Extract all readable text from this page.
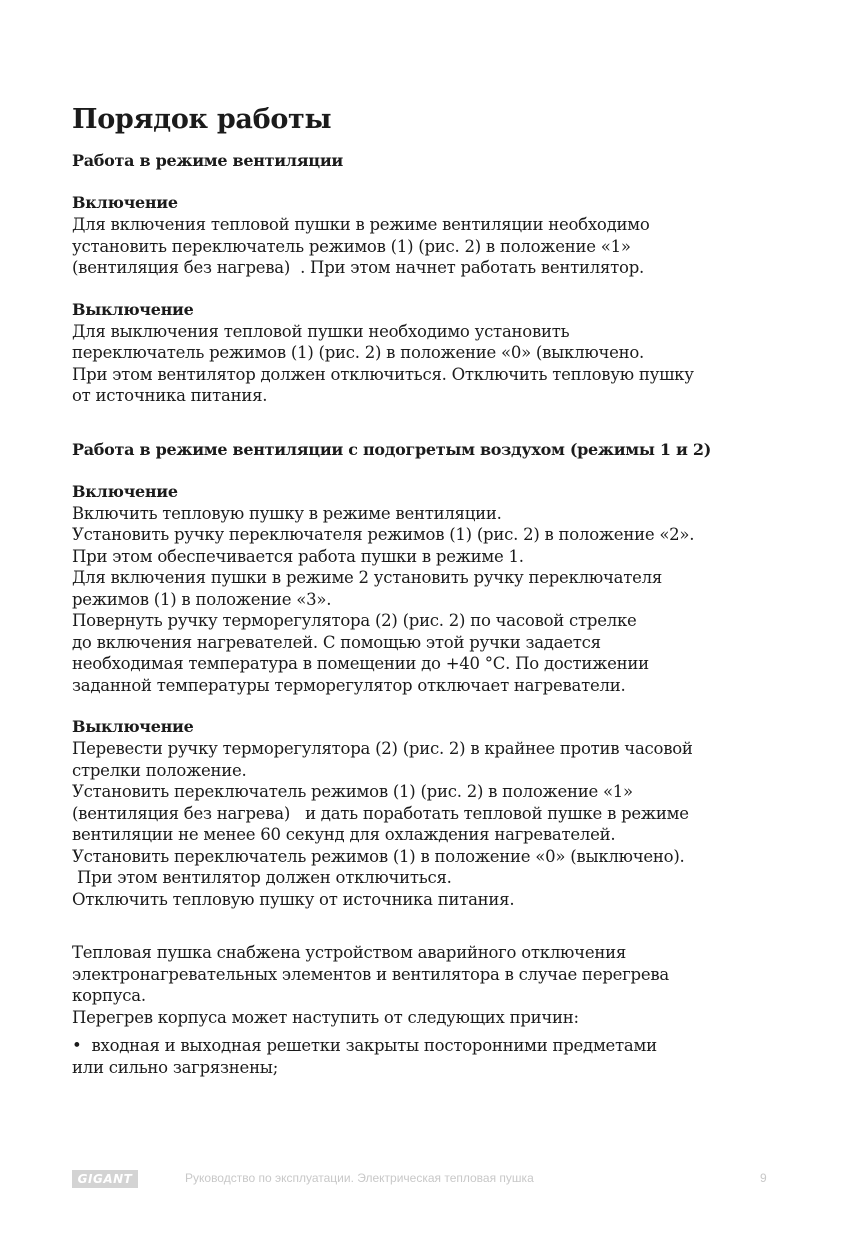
Порядок работы
Работа в режиме вентиляции
Включение
Для включения тепловой пушки в режиме вентиляции необходимо
установить переключатель режимов (1) (рис. 2) в положение «1»
(вентиляция без нагрева)  . При этом начнет работать вентилятор.
Выключение
Для выключения тепловой пушки необходимо установить
переключатель режимов (1) (рис. 2) в положение «0» (выключено.
При этом вентилятор должен отключиться. Отключить тепловую пушку
от источника питания.
Работа в режиме вентиляции с подогретым воздухом (режимы 1 и 2)
Включение
Включить тепловую пушку в режиме вентиляции.
Установить ручку переключателя режимов (1) (рис. 2) в положение «2».
При этом обеспечивается работа пушки в режиме 1.
Для включения пушки в режиме 2 установить ручку переключателя
режимов (1) в положение «3».
Повернуть ручку терморегулятора (2) (рис. 2) по часовой стрелке
до включения нагревателей. С помощью этой ручки задается
необходимая температура в помещении до +40 °С. По достижении
заданной температуры терморегулятор отключает нагреватели.
Выключение
Перевести ручку терморегулятора (2) (рис. 2) в крайнее против часовой
стрелки положение.
Установить переключатель режимов (1) (рис. 2) в положение «1»
(вентиляция без нагрева)   и дать поработать тепловой пушке в режиме
вентиляции не менее 60 секунд для охлаждения нагревателей.
Установить переключатель режимов (1) в положение «0» (выключено).
При этом вентилятор должен отключиться.
Отключить тепловую пушку от источника питания.
Тепловая пушка снабжена устройством аварийного отключения
электронагревательных элементов и вентилятора в случае перегрева
корпуса.
Перегрев корпуса может наступить от следующих причин:
•  входная и выходная решетки закрыты посторонними предметами
или сильно загрязнены;
GIGANT	Руководство по эксплуатации. Электрическая тепловая пушка	9
